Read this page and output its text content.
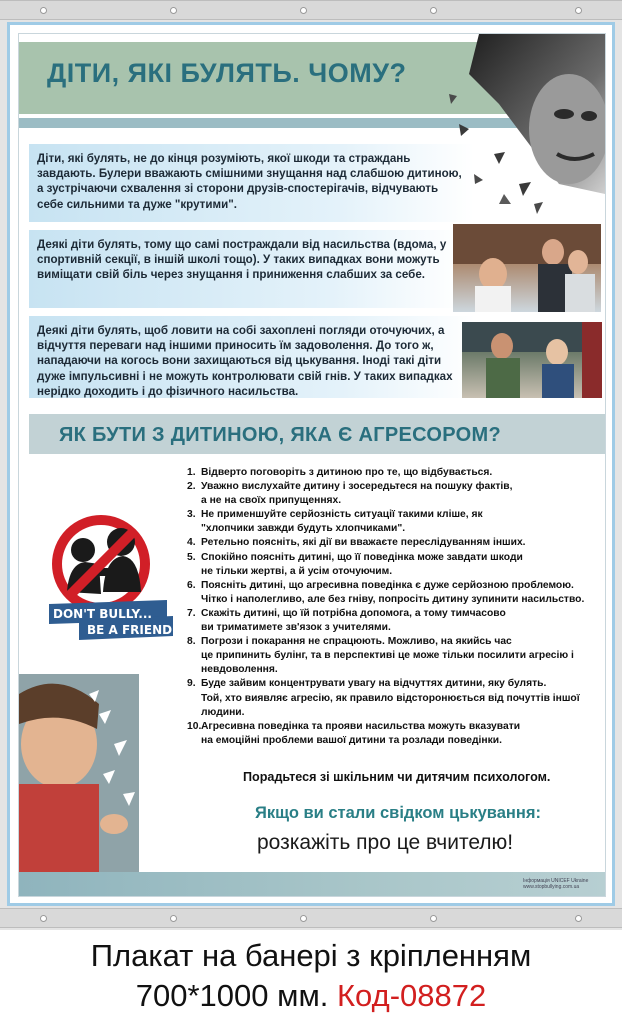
ДІТИ, ЯКІ БУЛЯТЬ. ЧОМУ?
Діти, які булять, не до кінця розуміють, якої шкоди та страждань завдають. Булери вважають смішними знущання над слабшою дитиною, а зустрічаючи схвалення зі сторони друзів-спостерігачів, відчувають себе сильними та дуже "крутими".
Деякі діти булять, тому що самі постраждали від насильства (вдома, у спортивній секції, в іншій школі тощо). У таких випадках вони можуть вимiщати свій біль через знущання і приниження слабших за себе.
Деякі діти булять, щоб ловити на собі захоплені погляди оточуючих, а відчуття переваги над іншими приносить їм задоволення. До того ж, нападаючи на когось вони захищаються від цькування. Іноді такі діти дуже імпульсивні і не можуть контролювати свій гнів. У таких випадках нерідко доходить і до фізичного насильства.
ЯК БУТИ З ДИТИНОЮ, ЯКА Є АГРЕСОРОМ?
DON'T BULLY...
BE A FRIEND.
1. Відверто поговоріть з дитиною про те, що відбувається.
2. Уважно вислухайте дитину і зосередьтеся на пошуку фактів,
а не на своїх припущеннях.
3. Не применшуйте серйозність ситуації такими кліше, як
"хлопчики завжди будуть хлопчиками".
4. Ретельно поясніть, які дії ви вважаєте переслідуванням інших.
5. Спокійно поясніть дитині, що її поведінка може завдати шкоди
не тільки жертві, а й усім оточуючим.
6. Поясніть дитині, що агресивна поведінка є дуже серйозною проблемою.
Чітко і наполегливо, але без гніву, попросіть дитину зупинити насильство.
7. Скажіть дитині, що їй потрібна допомога, а тому тимчасово
ви триматимете зв'язок з учителями.
8. Погрози і покарання не спрацюють. Можливо, на якийсь час
це припинить булінг, та в перспективі це може тільки посилити агресію і невдоволення.
9. Буде зайвим концентрувати увагу на відчуттях дитини, яку булять.
Той, хто виявляє агресію, як правило відсторонюється від почуттів іншої людини.
10.Агресивна поведінка та прояви насильства можуть вказувати
на емоційні проблеми вашої дитини та розлади поведінки.
Порадьтеся зі шкільним чи дитячим психологом.
Якщо ви стали свідком цькування:
розкажіть про це вчителю!
Інформація UNICEF Ukraine
www.stopbullying.com.ua
Плакат на банері з кріпленням
700*1000 мм. Код-08872
